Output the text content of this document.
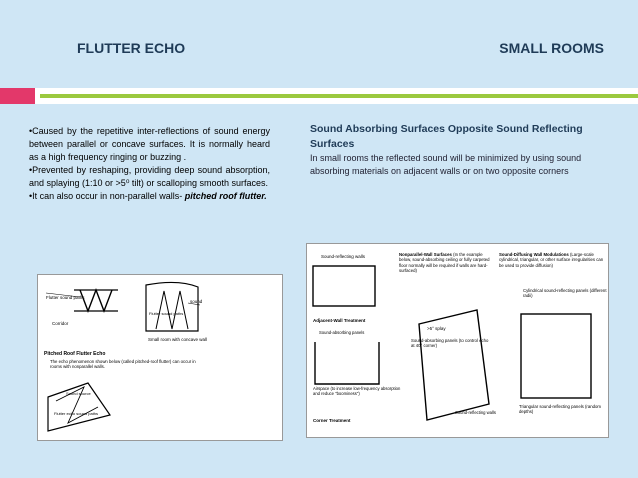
FLUTTER ECHO	SMALL ROOMS

•Caused by the repetitive inter-reflections of sound energy between parallel or concave surfaces. It is normally heard as a high frequency ringing or buzzing .

•Prevented by reshaping, providing deep sound absorption, and splaying (1:10 or >5⁰ tilt) or scalloping smooth surfaces.

•It can also occur in non-parallel walls- pitched roof flutter.

Sound Absorbing Surfaces Opposite Sound Reflecting Surfaces
In small rooms the reflected sound will be minimized by using sound absorbing materials on adjacent walls or on two opposite corners
Flutter sound paths
Corridor
Flutter sound paths
sound
Small room with concave wall
Pitched Roof Flutter Echo
The echo phenomenon shown below (called pitched-roof flutter) can occur in rooms with nonparallel walls.
Sound source
Flutter echo sound paths
Sound-reflecting walls	Nonparallel-Wall Surfaces (In the example below, sound-absorbing ceiling or fully carpeted floor normally will be required if walls are hard-surfaced)
Sound-Diffusing Wall Modulations (Large-scale cylindrical, triangular, or other surface irregularities can be used to provide diffusion)
Adjacent-Wall Treatment
Sound-absorbing panels
>5° splay
Sound-absorbing panels (to control echo at 40° corner)
Airspace (to increase low-frequency absorption and reduce "boominess")
Corner Treatment
Sound-reflecting walls
Cylindrical sound-reflecting panels (different radii)
Triangular sound-reflecting panels (random depths)
